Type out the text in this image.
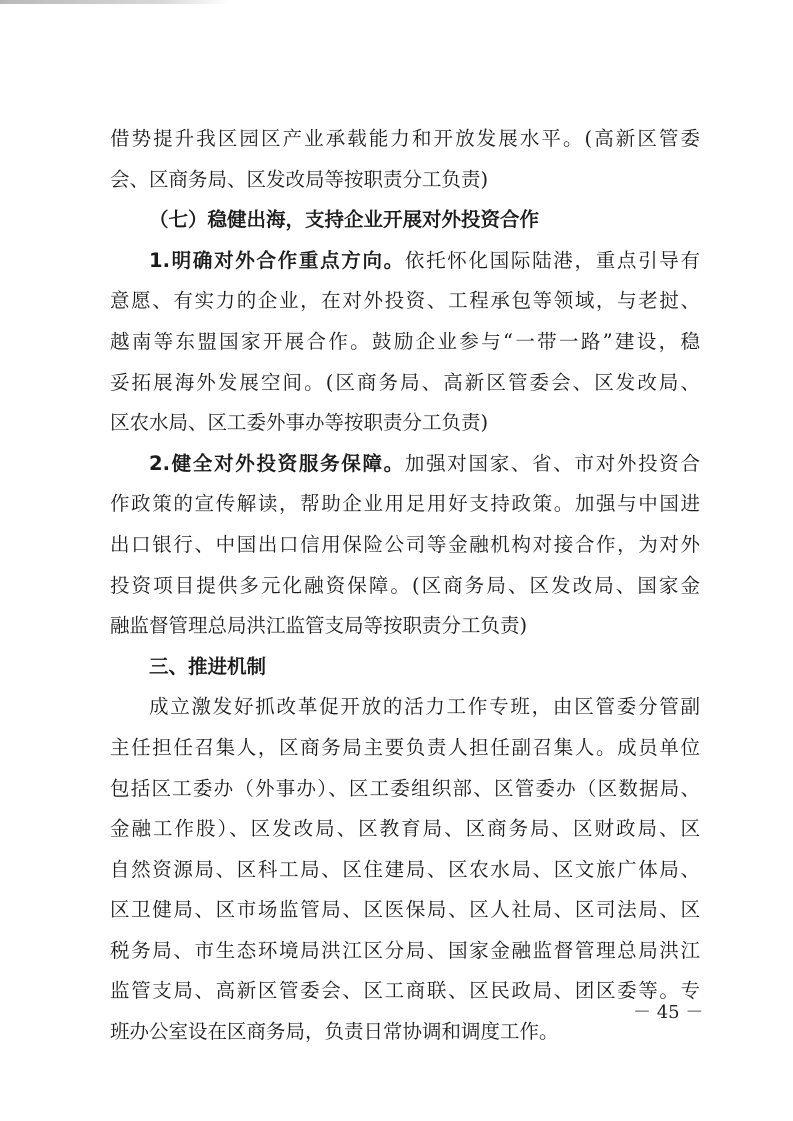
借势提升我区园区产业承载能力和开放发展水平。(高新区管委

会、区商务局、区发改局等按职责分工负责)

（七）稳健出海，支持企业开展对外投资合作

1.明确对外合作重点方向。依托怀化国际陆港，重点引导有

意愿、有实力的企业，在对外投资、工程承包等领域，与老挝、

越南等东盟国家开展合作。鼓励企业参与“一带一路”建设，稳

妥拓展海外发展空间。(区商务局、高新区管委会、区发改局、

区农水局、区工委外事办等按职责分工负责)

2.健全对外投资服务保障。加强对国家、省、市对外投资合

作政策的宣传解读，帮助企业用足用好支持政策。加强与中国进

出口银行、中国出口信用保险公司等金融机构对接合作，为对外

投资项目提供多元化融资保障。(区商务局、区发改局、国家金

融监督管理总局洪江监管支局等按职责分工负责)

三、推进机制

成立激发好抓改革促开放的活力工作专班，由区管委分管副

主任担任召集人，区商务局主要负责人担任副召集人。成员单位

包括区工委办（外事办）、区工委组织部、区管委办（区数据局、

金融工作股）、区发改局、区教育局、区商务局、区财政局、区

自然资源局、区科工局、区住建局、区农水局、区文旅广体局、

区卫健局、区市场监管局、区医保局、区人社局、区司法局、区

税务局、市生态环境局洪江区分局、国家金融监督管理总局洪江

监管支局、高新区管委会、区工商联、区民政局、团区委等。专

班办公室设在区商务局，负责日常协调和调度工作。

－ 45 －
